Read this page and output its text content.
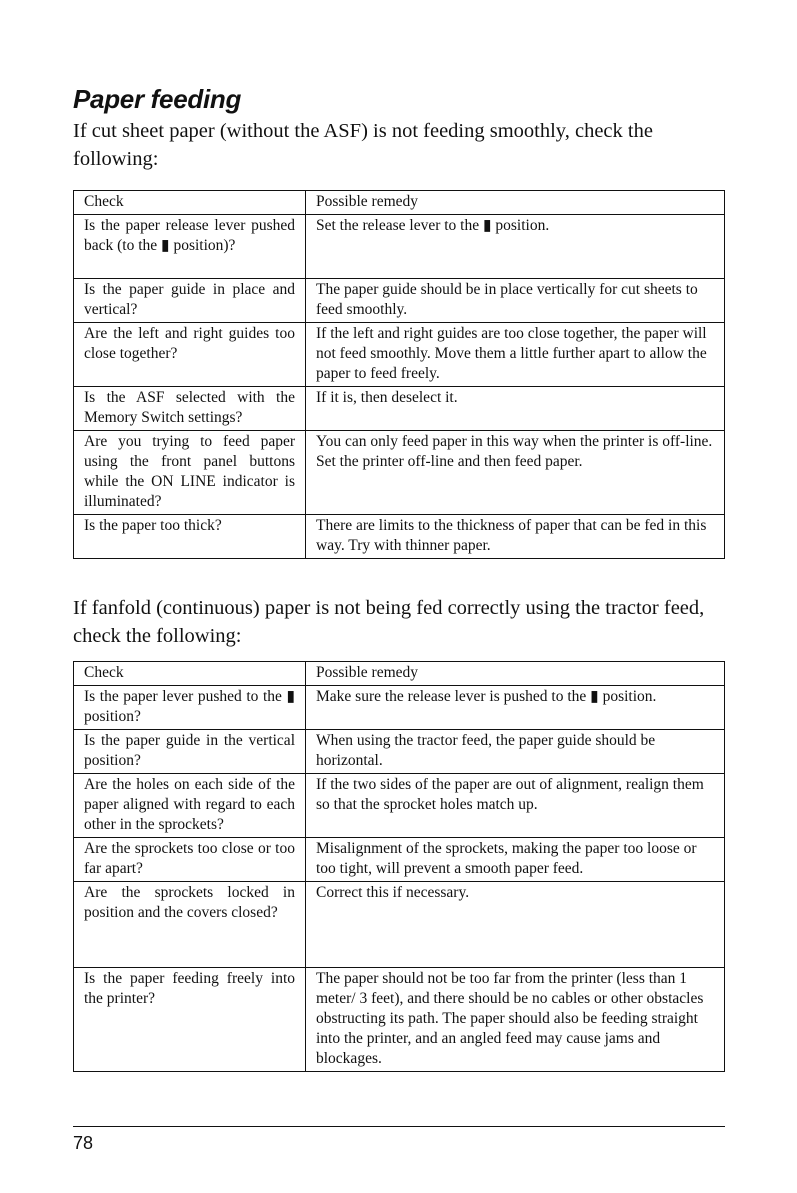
Paper feeding

If cut sheet paper (without the ASF) is not feeding smoothly, check the following:

Check	Possible remedy
Is the paper release lever pushed back (to the ▮ position)?	Set the release lever to the ▮ position.
Is the paper guide in place and vertical?	The paper guide should be in place vertically for cut sheets to feed smoothly.
Are the left and right guides too close together?	If the left and right guides are too close together, the paper will not feed smoothly. Move them a little further apart to allow the paper to feed freely.
Is the ASF selected with the Memory Switch settings?	If it is, then deselect it.
Are you trying to feed paper using the front panel buttons while the ON LINE indicator is illuminated?	You can only feed paper in this way when the printer is off-line. Set the printer off-line and then feed paper.
Is the paper too thick?	There are limits to the thickness of paper that can be fed in this way. Try with thinner paper.

If fanfold (continuous) paper is not being fed correctly using the tractor feed, check the following:

Check	Possible remedy
Is the paper lever pushed to the ▮ position?	Make sure the release lever is pushed to the ▮ position.
Is the paper guide in the vertical position?	When using the tractor feed, the paper guide should be horizontal.
Are the holes on each side of the paper aligned with regard to each other in the sprockets?	If the two sides of the paper are out of alignment, realign them so that the sprocket holes match up.
Are the sprockets too close or too far apart?	Misalignment of the sprockets, making the paper too loose or too tight, will prevent a smooth paper feed.
Are the sprockets locked in position and the covers closed?	Correct this if necessary.
Is the paper feeding freely into the printer?	The paper should not be too far from the printer (less than 1 meter/ 3 feet), and there should be no cables or other obstacles obstructing its path. The paper should also be feeding straight into the printer, and an angled feed may cause jams and blockages.

78
